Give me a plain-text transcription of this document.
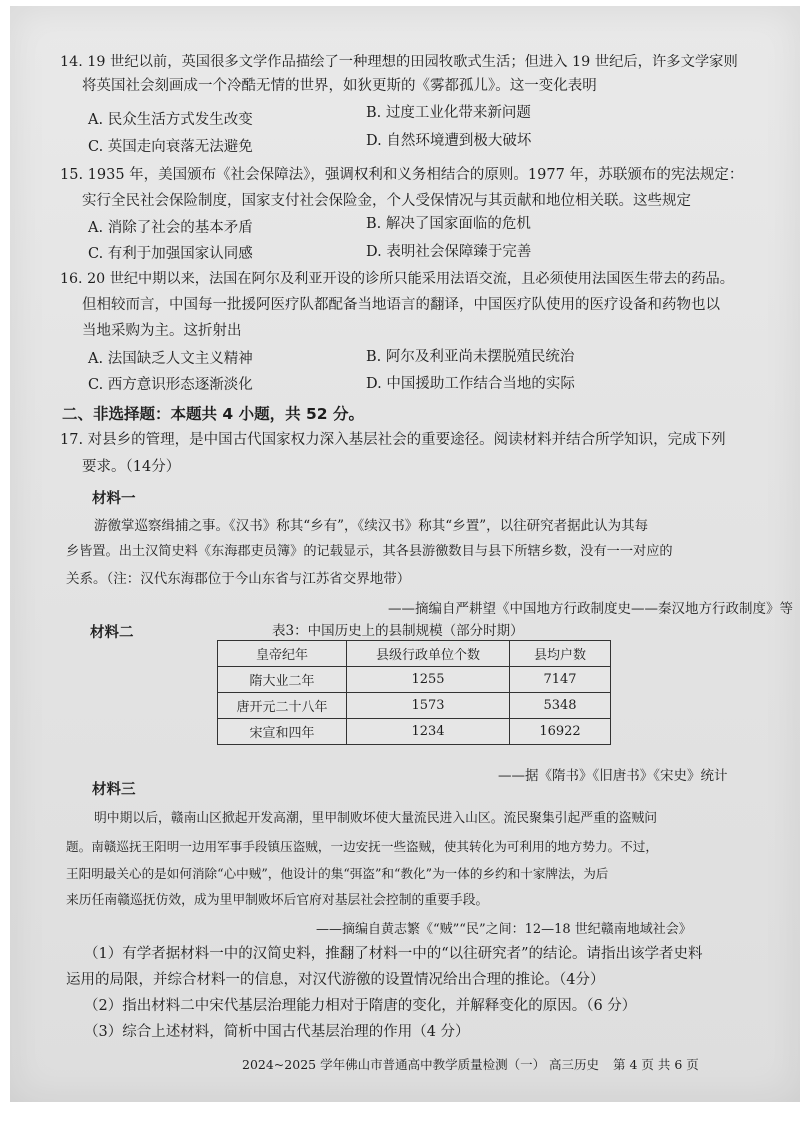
14. 19 世纪以前，英国很多文学作品描绘了一种理想的田园牧歌式生活；但进入 19 世纪后，许多文学家则
将英国社会刻画成一个冷酷无情的世界，如狄更斯的《雾都孤儿》。这一变化表明
A. 民众生活方式发生改变	B. 过度工业化带来新问题
C. 英国走向衰落无法避免	D. 自然环境遭到极大破坏
15. 1935 年，美国颁布《社会保障法》，强调权利和义务相结合的原则。1977 年，苏联颁布的宪法规定：
实行全民社会保险制度，国家支付社会保险金，个人受保情况与其贡献和地位相关联。这些规定
A. 消除了社会的基本矛盾	B. 解决了国家面临的危机
C. 有利于加强国家认同感	D. 表明社会保障臻于完善
16. 20 世纪中期以来，法国在阿尔及利亚开设的诊所只能采用法语交流，且必须使用法国医生带去的药品。
但相较而言，中国每一批援阿医疗队都配备当地语言的翻译，中国医疗队使用的医疗设备和药物也以
当地采购为主。这折射出
A. 法国缺乏人文主义精神	B. 阿尔及利亚尚未摆脱殖民统治
C. 西方意识形态逐渐淡化	D. 中国援助工作结合当地的实际
二、非选择题：本题共 4 小题，共 52 分。
17. 对县乡的管理，是中国古代国家权力深入基层社会的重要途径。阅读材料并结合所学知识，完成下列
要求。（14分）
材料一
游徼掌巡察缉捕之事。《汉书》称其“乡有”，《续汉书》称其“乡置”，以往研究者据此认为其每
乡皆置。出土汉简史料《东海郡吏员簿》的记载显示，其各县游徼数目与县下所辖乡数，没有一一对应的
关系。（注：汉代东海郡位于今山东省与江苏省交界地带）
——摘编自严耕望《中国地方行政制度史——秦汉地方行政制度》等
材料二	表3：中国历史上的县制规模（部分时期）
皇帝纪年	县级行政单位个数	县均户数
隋大业二年	1255	7147
唐开元二十八年	1573	5348
宋宣和四年	1234	16922
——据《隋书》《旧唐书》《宋史》统计
材料三
明中期以后，赣南山区掀起开发高潮，里甲制败坏使大量流民进入山区。流民聚集引起严重的盗贼问
题。南赣巡抚王阳明一边用军事手段镇压盗贼，一边安抚一些盗贼，使其转化为可利用的地方势力。不过，
王阳明最关心的是如何消除“心中贼”，他设计的集“弭盗”和“教化”为一体的乡约和十家牌法，为后
来历任南赣巡抚仿效，成为里甲制败坏后官府对基层社会控制的重要手段。
——摘编自黄志繁《“贼”“民”之间：12—18 世纪赣南地域社会》
（1）有学者据材料一中的汉简史料，推翻了材料一中的“以往研究者”的结论。请指出该学者史料
运用的局限，并综合材料一的信息，对汉代游徼的设置情况给出合理的推论。（4分）
（2）指出材料二中宋代基层治理能力相对于隋唐的变化，并解释变化的原因。（6 分）
（3）综合上述材料，简析中国古代基层治理的作用（4 分）
2024~2025 学年佛山市普通高中教学质量检测（一） 高三历史 第 4 页 共 6 页
